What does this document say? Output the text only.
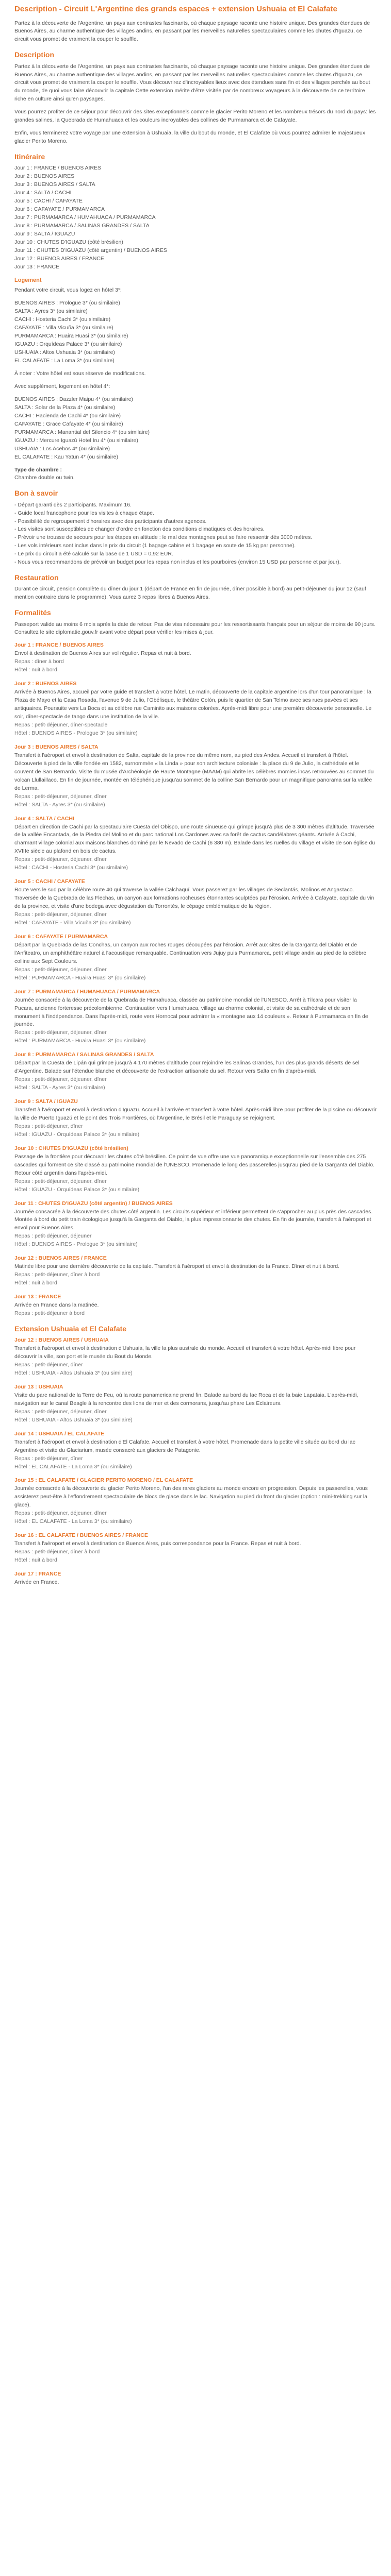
Description - Circuit L'Argentine des grands espaces + extension Ushuaia et El Calafate

Partez à la découverte de l'Argentine, un pays aux contrastes fascinants, où chaque paysage raconte une histoire unique. Des grandes étendues de Buenos Aires, au charme authentique des villages andins, en passant par les merveilles naturelles spectaculaires comme les chutes d'Iguazu, ce circuit vous promet de vraiment la couper le souffle.

Description

Partez à la découverte de l'Argentine, un pays aux contrastes fascinants, où chaque paysage raconte une histoire unique. Des grandes étendues de Buenos Aires, au charme authentique des villages andins, en passant par les merveilles naturelles spectaculaires comme les chutes d'Iguazu, ce circuit vous promet de vraiment la couper le souffle. Vous découvrirez d'incroyables lieux avec des étendues sans fin et des villages perchés au bout du monde, de quoi vous faire découvrir la capitale Cette extension mérite d'être visitée par de nombreux voyageurs à la découverte de ce territoire riche en culture ainsi qu'en paysages.

Vous pourrez profiter de ce séjour pour découvrir des sites exceptionnels comme le glacier Perito Moreno et les nombreux trésors du nord du pays: les grandes salines, la Quebrada de Humahuaca et les couleurs incroyables des collines de Purmamarca et de Cafayate.

Enfin, vous terminerez votre voyage par une extension à Ushuaia, la ville du bout du monde, et El Calafate où vous pourrez admirer le majestueux glacier Perito Moreno.

Itinéraire

Jour 1 : FRANCE / BUENOS AIRES
Jour 2 : BUENOS AIRES
Jour 3 : BUENOS AIRES / SALTA
Jour 4 : SALTA / CACHI
Jour 5 : CACHI / CAFAYATE
Jour 6 : CAFAYATE / PURMAMARCA
Jour 7 : PURMAMARCA / HUMAHUACA / PURMAMARCA
Jour 8 : PURMAMARCA / SALINAS GRANDES / SALTA
Jour 9 : SALTA / IGUAZU
Jour 10 : CHUTES D'IGUAZU (côté brésilien)
Jour 11 : CHUTES D'IGUAZU (côté argentin) / BUENOS AIRES
Jour 12 : BUENOS AIRES / FRANCE
Jour 13 : FRANCE

Logement

Pendant votre circuit, vous logez en hôtel 3*:

BUENOS AIRES : Prologue 3* (ou similaire)
SALTA : Ayres 3* (ou similaire)
CACHI : Hosteria Cachi 3* (ou similaire)
CAFAYATE : Villa Vicuña 3* (ou similaire)
PURMAMARCA : Huaira Huasi 3* (ou similaire)
IGUAZU : Orquídeas Palace 3* (ou similaire)
USHUAIA : Altos Ushuaia 3* (ou similaire)
EL CALAFATE : La Loma 3* (ou similaire)

À noter : Votre hôtel est sous réserve de modifications.

Avec supplément, logement en hôtel 4*:

BUENOS AIRES : Dazzler Maipu 4* (ou similaire)
SALTA : Solar de la Plaza 4* (ou similaire)
CACHI : Hacienda de Cachi 4* (ou similaire)
CAFAYATE : Grace Cafayate 4* (ou similaire)
PURMAMARCA : Manantial del Silencio 4* (ou similaire)
IGUAZU : Mercure Iguazú Hotel Iru 4* (ou similaire)
USHUAIA : Los Acebos 4* (ou similaire)
EL CALAFATE : Kau Yatun 4* (ou similaire)

Type de chambre :
Chambre double ou twin.

Bon à savoir

- Départ garanti dès 2 participants. Maximum 16.
- Guide local francophone pour les visites à chaque étape.
- Possibilité de regroupement d'horaires avec des participants d'autres agences.
- Les visites sont susceptibles de changer d'ordre en fonction des conditions climatiques et des horaires.
- Prévoir une trousse de secours pour les étapes en altitude : le mal des montagnes peut se faire ressentir dès 3000 mètres.
- Les vols intérieurs sont inclus dans le prix du circuit (1 bagage cabine et 1 bagage en soute de 15 kg par personne).
- Le prix du circuit a été calculé sur la base de 1 USD = 0,92 EUR.
- Nous vous recommandons de prévoir un budget pour les repas non inclus et les pourboires (environ 15 USD par personne et par jour).

Restauration

Durant ce circuit, pension complète du dîner du jour 1 (départ de France en fin de journée, dîner possible à bord) au petit-déjeuner du jour 12 (sauf mention contraire dans le programme). Vous aurez 3 repas libres à Buenos Aires.

Formalités

Passeport valide au moins 6 mois après la date de retour. Pas de visa nécessaire pour les ressortissants français pour un séjour de moins de 90 jours. Consultez le site diplomatie.gouv.fr avant votre départ pour vérifier les mises à jour.

Jour 1 : FRANCE / BUENOS AIRES
Envol à destination de Buenos Aires sur vol régulier. Repas et nuit à bord.
Repas : dîner à bord
Hôtel : nuit à bord
Jour 2 : BUENOS AIRES
Arrivée à Buenos Aires, accueil par votre guide et transfert à votre hôtel. Le matin, découverte de la capitale argentine lors d'un tour panoramique : la Plaza de Mayo et la Casa Rosada, l'avenue 9 de Julio, l'Obélisque, le théâtre Colón, puis le quartier de San Telmo avec ses rues pavées et ses antiquaires. Poursuite vers La Boca et sa célèbre rue Caminito aux maisons colorées. Après-midi libre pour une première découverte personnelle. Le soir, dîner-spectacle de tango dans une institution de la ville.
Repas : petit-déjeuner, dîner-spectacle
Hôtel : BUENOS AIRES - Prologue 3* (ou similaire)
Jour 3 : BUENOS AIRES / SALTA
Transfert à l'aéroport et envol à destination de Salta, capitale de la province du même nom, au pied des Andes. Accueil et transfert à l'hôtel. Découverte à pied de la ville fondée en 1582, surnommée « la Linda » pour son architecture coloniale : la place du 9 de Julio, la cathédrale et le couvent de San Bernardo. Visite du musée d'Archéologie de Haute Montagne (MAAM) qui abrite les célèbres momies incas retrouvées au sommet du volcan Llullaillaco. En fin de journée, montée en téléphérique jusqu'au sommet de la colline San Bernardo pour un magnifique panorama sur la vallée de Lerma.
Repas : petit-déjeuner, déjeuner, dîner
Hôtel : SALTA - Ayres 3* (ou similaire)
Jour 4 : SALTA / CACHI
Départ en direction de Cachi par la spectaculaire Cuesta del Obispo, une route sinueuse qui grimpe jusqu'à plus de 3 300 mètres d'altitude. Traversée de la vallée Encantada, de la Piedra del Molino et du parc national Los Cardones avec sa forêt de cactus candélabres géants. Arrivée à Cachi, charmant village colonial aux maisons blanches dominé par le Nevado de Cachi (6 380 m). Balade dans les ruelles du village et visite de son église du XVIIIe siècle au plafond en bois de cactus.
Repas : petit-déjeuner, déjeuner, dîner
Hôtel : CACHI - Hosteria Cachi 3* (ou similaire)
Jour 5 : CACHI / CAFAYATE
Route vers le sud par la célèbre route 40 qui traverse la vallée Calchaquí. Vous passerez par les villages de Seclantás, Molinos et Angastaco. Traversée de la Quebrada de las Flechas, un canyon aux formations rocheuses étonnantes sculptées par l'érosion. Arrivée à Cafayate, capitale du vin de la province, et visite d'une bodega avec dégustation du Torrontés, le cépage emblématique de la région.
Repas : petit-déjeuner, déjeuner, dîner
Hôtel : CAFAYATE - Villa Vicuña 3* (ou similaire)
Jour 6 : CAFAYATE / PURMAMARCA
Départ par la Quebrada de las Conchas, un canyon aux roches rouges découpées par l'érosion. Arrêt aux sites de la Garganta del Diablo et de l'Anfiteatro, un amphithéâtre naturel à l'acoustique remarquable. Continuation vers Jujuy puis Purmamarca, petit village andin au pied de la célèbre colline aux Sept Couleurs.
Repas : petit-déjeuner, déjeuner, dîner
Hôtel : PURMAMARCA - Huaira Huasi 3* (ou similaire)
Jour 7 : PURMAMARCA / HUMAHUACA / PURMAMARCA
Journée consacrée à la découverte de la Quebrada de Humahuaca, classée au patrimoine mondial de l'UNESCO. Arrêt à Tilcara pour visiter la Pucara, ancienne forteresse précolombienne. Continuation vers Humahuaca, village au charme colonial, et visite de sa cathédrale et de son monument à l'indépendance. Dans l'après-midi, route vers Hornocal pour admirer la « montagne aux 14 couleurs ». Retour à Purmamarca en fin de journée.
Repas : petit-déjeuner, déjeuner, dîner
Hôtel : PURMAMARCA - Huaira Huasi 3* (ou similaire)
Jour 8 : PURMAMARCA / SALINAS GRANDES / SALTA
Départ par la Cuesta de Lipán qui grimpe jusqu'à 4 170 mètres d'altitude pour rejoindre les Salinas Grandes, l'un des plus grands déserts de sel d'Argentine. Balade sur l'étendue blanche et découverte de l'extraction artisanale du sel. Retour vers Salta en fin d'après-midi.
Repas : petit-déjeuner, déjeuner, dîner
Hôtel : SALTA - Ayres 3* (ou similaire)
Jour 9 : SALTA / IGUAZU
Transfert à l'aéroport et envol à destination d'Iguazu. Accueil à l'arrivée et transfert à votre hôtel. Après-midi libre pour profiter de la piscine ou découvrir la ville de Puerto Iguazú et le point des Trois Frontières, où l'Argentine, le Brésil et le Paraguay se rejoignent.
Repas : petit-déjeuner, dîner
Hôtel : IGUAZU - Orquídeas Palace 3* (ou similaire)
Jour 10 : CHUTES D'IGUAZU (côté brésilien)
Passage de la frontière pour découvrir les chutes côté brésilien. Ce point de vue offre une vue panoramique exceptionnelle sur l'ensemble des 275 cascades qui forment ce site classé au patrimoine mondial de l'UNESCO. Promenade le long des passerelles jusqu'au pied de la Garganta del Diablo. Retour côté argentin dans l'après-midi.
Repas : petit-déjeuner, déjeuner, dîner
Hôtel : IGUAZU - Orquídeas Palace 3* (ou similaire)
Jour 11 : CHUTES D'IGUAZU (côté argentin) / BUENOS AIRES
Journée consacrée à la découverte des chutes côté argentin. Les circuits supérieur et inférieur permettent de s'approcher au plus près des cascades. Montée à bord du petit train écologique jusqu'à la Garganta del Diablo, la plus impressionnante des chutes. En fin de journée, transfert à l'aéroport et envol pour Buenos Aires.
Repas : petit-déjeuner, déjeuner
Hôtel : BUENOS AIRES - Prologue 3* (ou similaire)
Jour 12 : BUENOS AIRES / FRANCE
Matinée libre pour une dernière découverte de la capitale. Transfert à l'aéroport et envol à destination de la France. Dîner et nuit à bord.
Repas : petit-déjeuner, dîner à bord
Hôtel : nuit à bord
Jour 13 : FRANCE
Arrivée en France dans la matinée.
Repas : petit-déjeuner à bord
Extension Ushuaia et El Calafate
Jour 12 : BUENOS AIRES / USHUAIA
Transfert à l'aéroport et envol à destination d'Ushuaia, la ville la plus australe du monde. Accueil et transfert à votre hôtel. Après-midi libre pour découvrir la ville, son port et le musée du Bout du Monde.
Repas : petit-déjeuner, dîner
Hôtel : USHUAIA - Altos Ushuaia 3* (ou similaire)
Jour 13 : USHUAIA
Visite du parc national de la Terre de Feu, où la route panamericaine prend fin. Balade au bord du lac Roca et de la baie Lapataia. L'après-midi, navigation sur le canal Beagle à la rencontre des lions de mer et des cormorans, jusqu'au phare Les Eclaireurs.
Repas : petit-déjeuner, déjeuner, dîner
Hôtel : USHUAIA - Altos Ushuaia 3* (ou similaire)
Jour 14 : USHUAIA / EL CALAFATE
Transfert à l'aéroport et envol à destination d'El Calafate. Accueil et transfert à votre hôtel. Promenade dans la petite ville située au bord du lac Argentino et visite du Glaciarium, musée consacré aux glaciers de Patagonie.
Repas : petit-déjeuner, dîner
Hôtel : EL CALAFATE - La Loma 3* (ou similaire)
Jour 15 : EL CALAFATE / GLACIER PERITO MORENO / EL CALAFATE
Journée consacrée à la découverte du glacier Perito Moreno, l'un des rares glaciers au monde encore en progression. Depuis les passerelles, vous assisterez peut-être à l'effondrement spectaculaire de blocs de glace dans le lac. Navigation au pied du front du glacier (option : mini-trekking sur la glace).
Repas : petit-déjeuner, déjeuner, dîner
Hôtel : EL CALAFATE - La Loma 3* (ou similaire)
Jour 16 : EL CALAFATE / BUENOS AIRES / FRANCE
Transfert à l'aéroport et envol à destination de Buenos Aires, puis correspondance pour la France. Repas et nuit à bord.
Repas : petit-déjeuner, dîner à bord
Hôtel : nuit à bord
Jour 17 : FRANCE
Arrivée en France.
